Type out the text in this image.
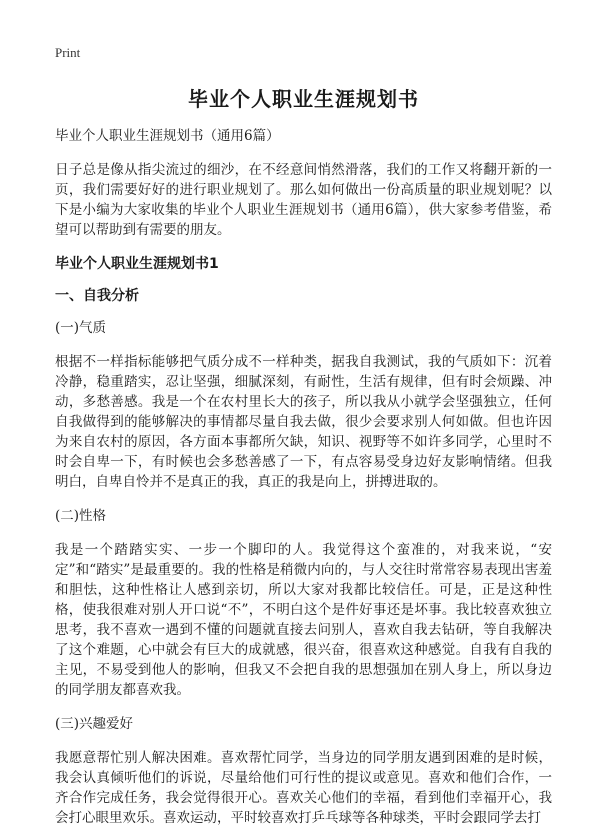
Print
毕业个人职业生涯规划书

毕业个人职业生涯规划书（通用6篇）

日子总是像从指尖流过的细沙，在不经意间悄然滑落，我们的工作又将翻开新的一页，我们需要好好的进行职业规划了。那么如何做出一份高质量的职业规划呢？以下是小编为大家收集的毕业个人职业生涯规划书（通用6篇），供大家参考借鉴，希望可以帮助到有需要的朋友。

毕业个人职业生涯规划书1

一、自我分析

(一)气质

根据不一样指标能够把气质分成不一样种类，据我自我测试，我的气质如下：沉着冷静，稳重踏实，忍让坚强，细腻深刻，有耐性，生活有规律，但有时会烦躁、冲动，多愁善感。我是一个在农村里长大的孩子，所以我从小就学会坚强独立，任何自我做得到的能够解决的事情都尽量自我去做，很少会要求别人何如做。但也许因为来自农村的原因，各方面本事都所欠缺，知识、视野等不如许多同学，心里时不时会自卑一下，有时候也会多愁善感了一下，有点容易受身边好友影响情绪。但我明白，自卑自怜并不是真正的我，真正的我是向上，拼搏进取的。

(二)性格

我是一个踏踏实实、一步一个脚印的人。我觉得这个蛮准的，对我来说，“安定”和“踏实”是最重要的。我的性格是稍微内向的，与人交往时常常容易表现出害羞和胆怯，这种性格让人感到亲切，所以大家对我都比较信任。可是，正是这种性格，使我很难对别人开口说“不”，不明白这个是件好事还是坏事。我比较喜欢独立思考，我不喜欢一遇到不懂的问题就直接去问别人，喜欢自我去钻研，等自我解决了这个难题，心中就会有巨大的成就感，很兴奋，很喜欢这种感觉。自我有自我的主见，不易受到他人的影响，但我又不会把自我的思想强加在别人身上，所以身边的同学朋友都喜欢我。

(三)兴趣爱好

我愿意帮忙别人解决困难。喜欢帮忙同学，当身边的同学朋友遇到困难的是时候，我会认真倾听他们的诉说，尽量给他们可行性的提议或意见。喜欢和他们合作，一齐合作完成任务，我会觉得很开心。喜欢关心他们的幸福，看到他们幸福开心，我会打心眼里欢乐。喜欢运动，平时较喜欢打乒乓球等各种球类，平时会跟同学去打
